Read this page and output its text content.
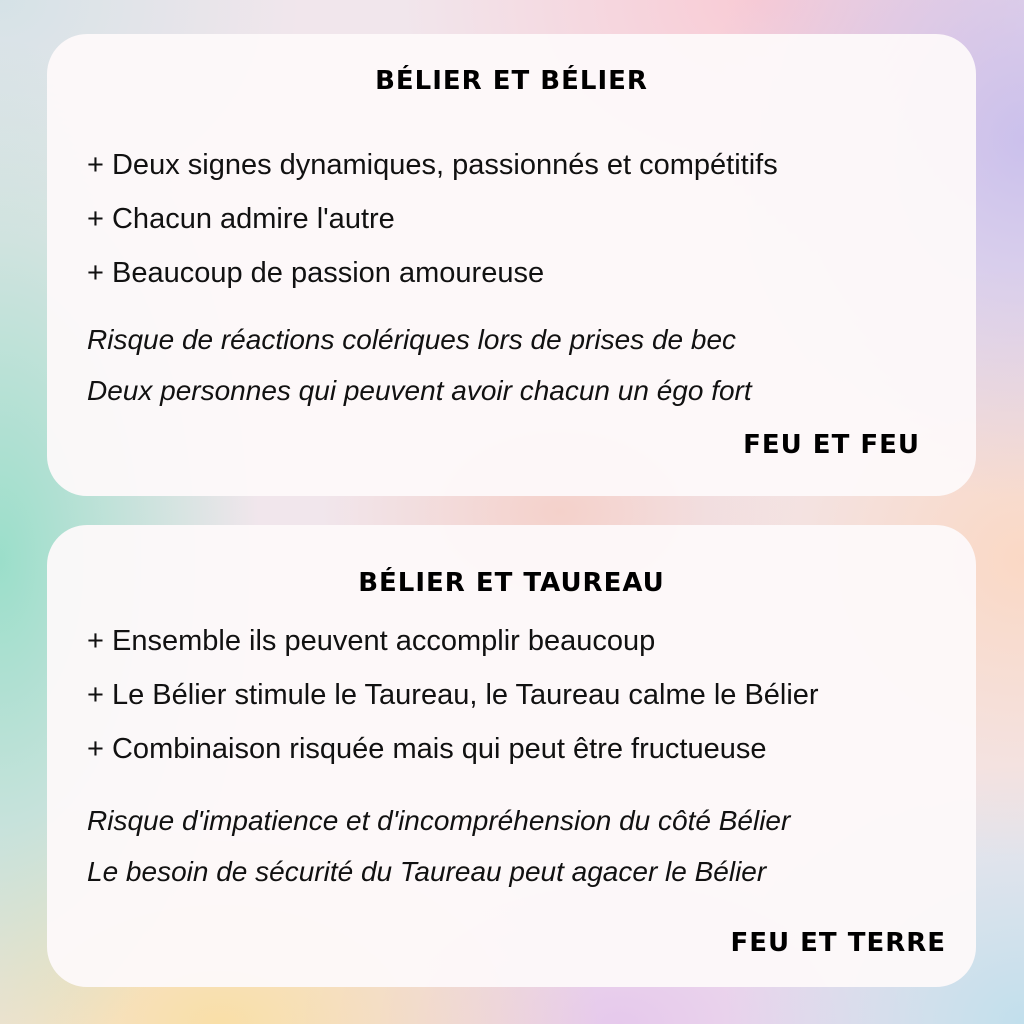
BÉLIER ET BÉLIER
+ Deux signes dynamiques, passionnés et compétitifs
+ Chacun admire l'autre
+ Beaucoup de passion amoureuse
Risque de réactions colériques lors de prises de bec
Deux personnes qui peuvent avoir chacun un égo fort
FEU ET FEU
BÉLIER ET TAUREAU
+ Ensemble ils peuvent accomplir beaucoup
+ Le Bélier stimule le Taureau, le Taureau calme le Bélier
+ Combinaison risquée mais qui peut être fructueuse
Risque d'impatience et d'incompréhension du côté Bélier
Le besoin de sécurité du Taureau peut agacer le Bélier
FEU ET TERRE
